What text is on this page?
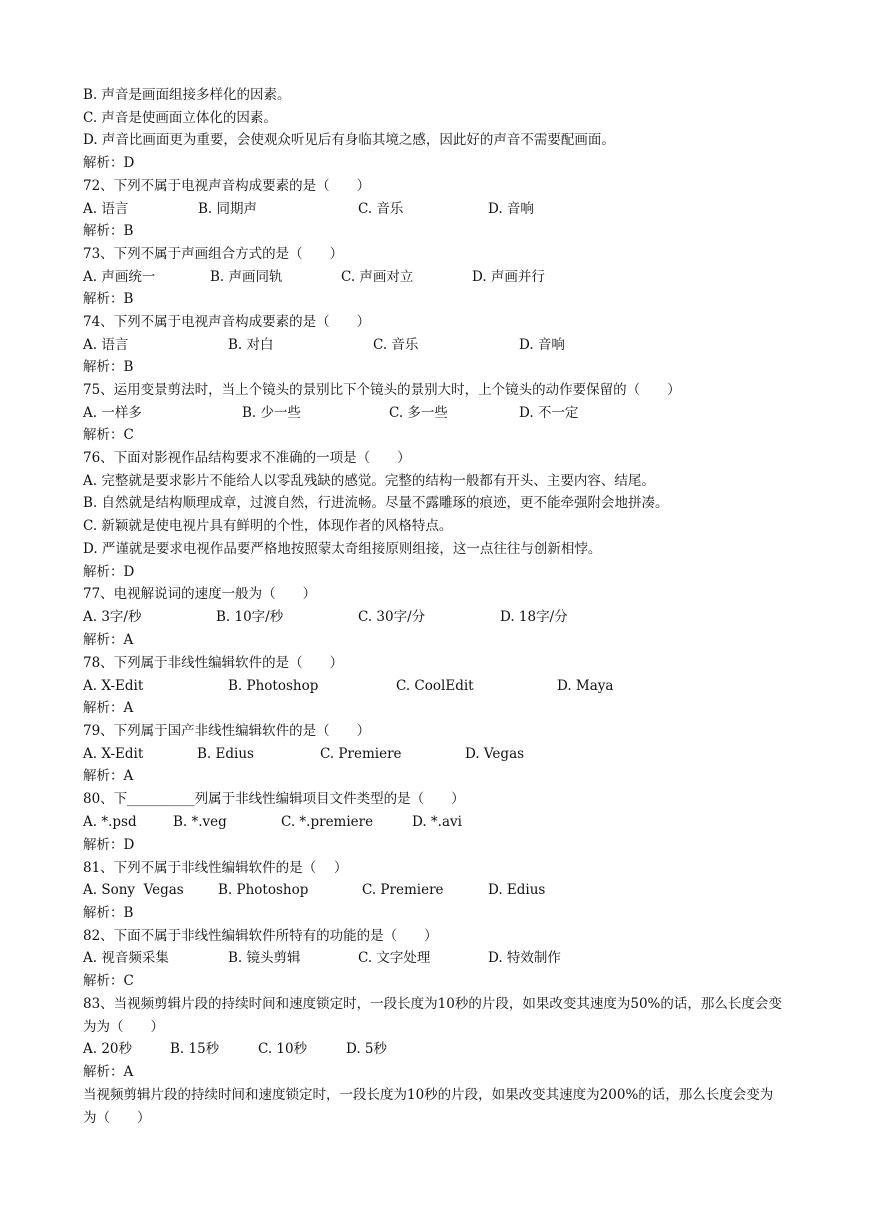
B. 声音是画面组接多样化的因素。
C. 声音是使画面立体化的因素。
D. 声音比画面更为重要，会使观众听见后有身临其境之感，因此好的声音不需要配画面。
解析：D
72、下列不属于电视声音构成要素的是（　　）
A. 语言	B. 同期声	C. 音乐	D. 音响
解析：B
73、下列不属于声画组合方式的是（　　）
A. 声画统一	B. 声画同轨	C. 声画对立	D. 声画并行
解析：B
74、下列不属于电视声音构成要素的是（　　）
A. 语言	B. 对白	C. 音乐	D. 音响
解析：B
75、运用变景剪法时，当上个镜头的景别比下个镜头的景别大时，上个镜头的动作要保留的（　　）
A. 一样多	B. 少一些	C. 多一些	D. 不一定
解析：C
76、下面对影视作品结构要求不准确的一项是（　　）
A. 完整就是要求影片不能给人以零乱残缺的感觉。完整的结构一般都有开头、主要内容、结尾。
B. 自然就是结构顺理成章，过渡自然，行进流畅。尽量不露雕琢的痕迹，更不能牵强附会地拼凑。
C. 新颖就是使电视片具有鲜明的个性，体现作者的风格特点。
D. 严谨就是要求电视作品要严格地按照蒙太奇组接原则组接，这一点往往与创新相悖。
解析：D
77、电视解说词的速度一般为（　　）
A. 3字/秒	B. 10字/秒	C. 30字/分	D. 18字/分
解析：A
78、下列属于非线性编辑软件的是（　　）
A. X-Edit	B. Photoshop	C. CoolEdit	D. Maya
解析：A
79、下列属于国产非线性编辑软件的是（　　）
A. X-Edit	B. Edius	C. Premiere	D. Vegas
解析：A
80、下__________列属于非线性编辑项目文件类型的是（　　）
A. *.psd	B. *.veg	C. *.premiere	D. *.avi
解析：D
81、下列不属于非线性编辑软件的是（　 ）
A. Sony  Vegas	B. Photoshop	C. Premiere	D. Edius
解析：B
82、下面不属于非线性编辑软件所特有的功能的是（　　）
A. 视音频采集	B. 镜头剪辑	C. 文字处理	D. 特效制作
解析：C
83、当视频剪辑片段的持续时间和速度锁定时，一段长度为10秒的片段，如果改变其速度为50%的话，那么长度会变为为（　　）
A. 20秒	B. 15秒	C. 10秒	D. 5秒
解析：A
当视频剪辑片段的持续时间和速度锁定时，一段长度为10秒的片段，如果改变其速度为200%的话，那么长度会变为为（　　）
